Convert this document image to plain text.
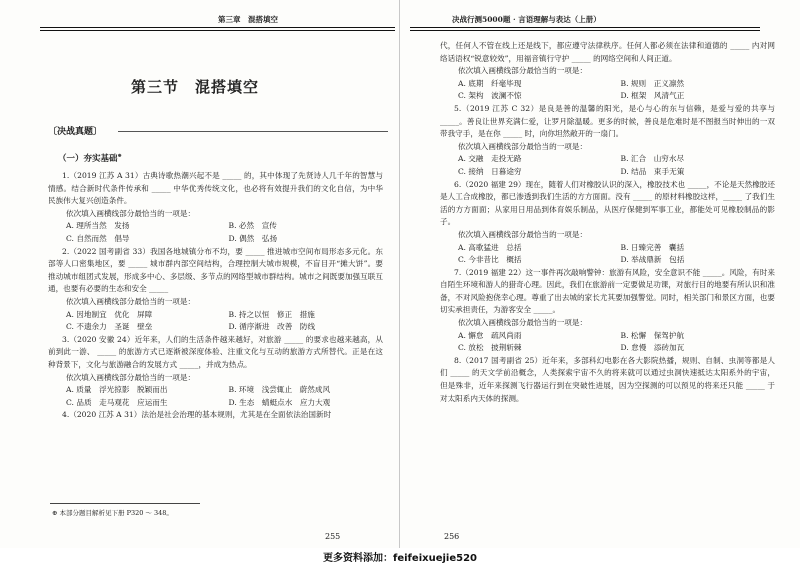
第三章　混搭填空
第三节　混搭填空
〔决战真题〕
（一）夯实基础⊕

1.（2019 江苏 A 31）古典诗歌热潮兴起不是 _____ 的，其中体现了先贤诗人几千年的智慧与情感。结合新时代条件传承和 _____ 中华优秀传统文化，也必将有效提升我们的文化自信，为中华民族伟大复兴创造条件。

依次填入画横线部分最恰当的一项是：

A. 理所当然　发扬	B. 必然　宣传
C. 自然而然　倡导	D. 偶然　弘扬

2.（2022 国考副省 33）我国各地城镇分布不均，要 _____ 推进城市空间布局形态多元化。东部等人口密集地区，要 _____ 城市群内部空间结构，合理控制大城市规模，不盲目开“摊大饼”。要推动城市组团式发展，形成多中心、多层级、多节点的网络型城市群结构。城市之间既要加强互联互通，也要有必要的生态和安全 _____

依次填入画横线部分最恰当的一项是：

A. 因地制宜　优化　屏障	B. 持之以恒　修正　措施
C. 不遗余力　圣诞　壁垒	D. 循序渐进　改善　防线

3.（2020 安徽 24）近年来，人们的生活条件越来越好，对旅游 _____ 的要求也越来越高，从前到此一游、 _____ 的旅游方式已逐渐被深度体验、注重文化与互动的旅游方式所替代。正是在这种背景下，文化与旅游融合的发展方式 _____，并成为热点。

依次填入画横线部分最恰当的一项是：

A. 质量　浮光掠影　脱颖而出	B. 环境　浅尝辄止　蔚然成风
C. 品质　走马观花　应运而生	D. 生态　蜻蜓点水　应力大观

4.（2020 江苏 A 31）法治是社会治理的基本规则，尤其是在全面依法治国新时

⊕ 本部分题目解析见下册 P320 ～ 348。
255
决战行测5000题 · 言语理解与表达（上册）

代，任何人不管在线上还是线下，都应遵守法律秩序。任何人都必须在法律和道德的 _____ 内对网络话语权“锐意较效”，用福音镇行守护 _____ 的网络空间和人间正道。

依次填入画横线部分最恰当的一项是：

A. 底期　纤毫毕现	B. 规则　正义凛然
C. 架构　波澜不惊	D. 框架　风清气正

5.（2019 江苏 C 32）是良是善的温馨的阳光，是心与心的东与信赖，是爱与爱的共享与 _____。善良让世界充满仁爱，让罗月除温暖。更多的时候，善良是危难时是不图报当时伸出的一双带我守手，是在你 _____ 时，向你坦然敞开的一扇门。

依次填入画横线部分最恰当的一项是：

A. 交融　走投无路	B. 汇合　山穷水尽
C. 接纳　日暮途穷	D. 结品　束手无策

6.（2020 福建 29）现在，随着人们对橡胶认识的深入，橡胶技术也 _____，不论是天然橡胶还是人工合成橡胶，都已渗透到我们生活的方方面面。没有 _____ 的原材料橡胶这样，_____ 了我们生活的方方面面；从家用日用品到体育娱乐制品，从医疗保健到军事工业，都能处可见橡胶制品的影子。

依次填入画横线部分最恰当的一项是：

A. 高歌猛进　总括	B. 日臻完善　囊括
C. 今非昔比　概括	D. 举战鼎新　包括

7.（2019 福建 22）这一事件再次敲响警钟：旅游有风险，安全意识不能 _____。风险，有时来自陌生环境和游人的猎奇心理。因此，我们在旅游前一定要做足功课，对旅行目的地要有所认识和准备，不对风险抱侥幸心理。尊重了出去城的家长尤其要加强警觉。同时，相关部门和景区方面，也要切实承担责任，为游客安全 _____。

依次填入画横线部分最恰当的一项是：

A. 懈怠　疏风尚雨	B. 松懈　保驾护航
C. 放松　披荆斩棘	D. 怠慢　添砖加瓦

8.（2017 国考副省 25）近年来，多部科幻电影在各大影院热播，规则、自制、虫洞等都是人们 _____ 的天文学前沿概念，人类探索宇宙不久的将来就可以通过虫洞快速抵达太阳系外的宇宙，但是殊非，近年来探测飞行器运行到在突破性进展，因为空探测的可以预见的将来还只能 _____ 于对太阳系内天体的探测。

256
更多资料添加：feifeixuejie520
